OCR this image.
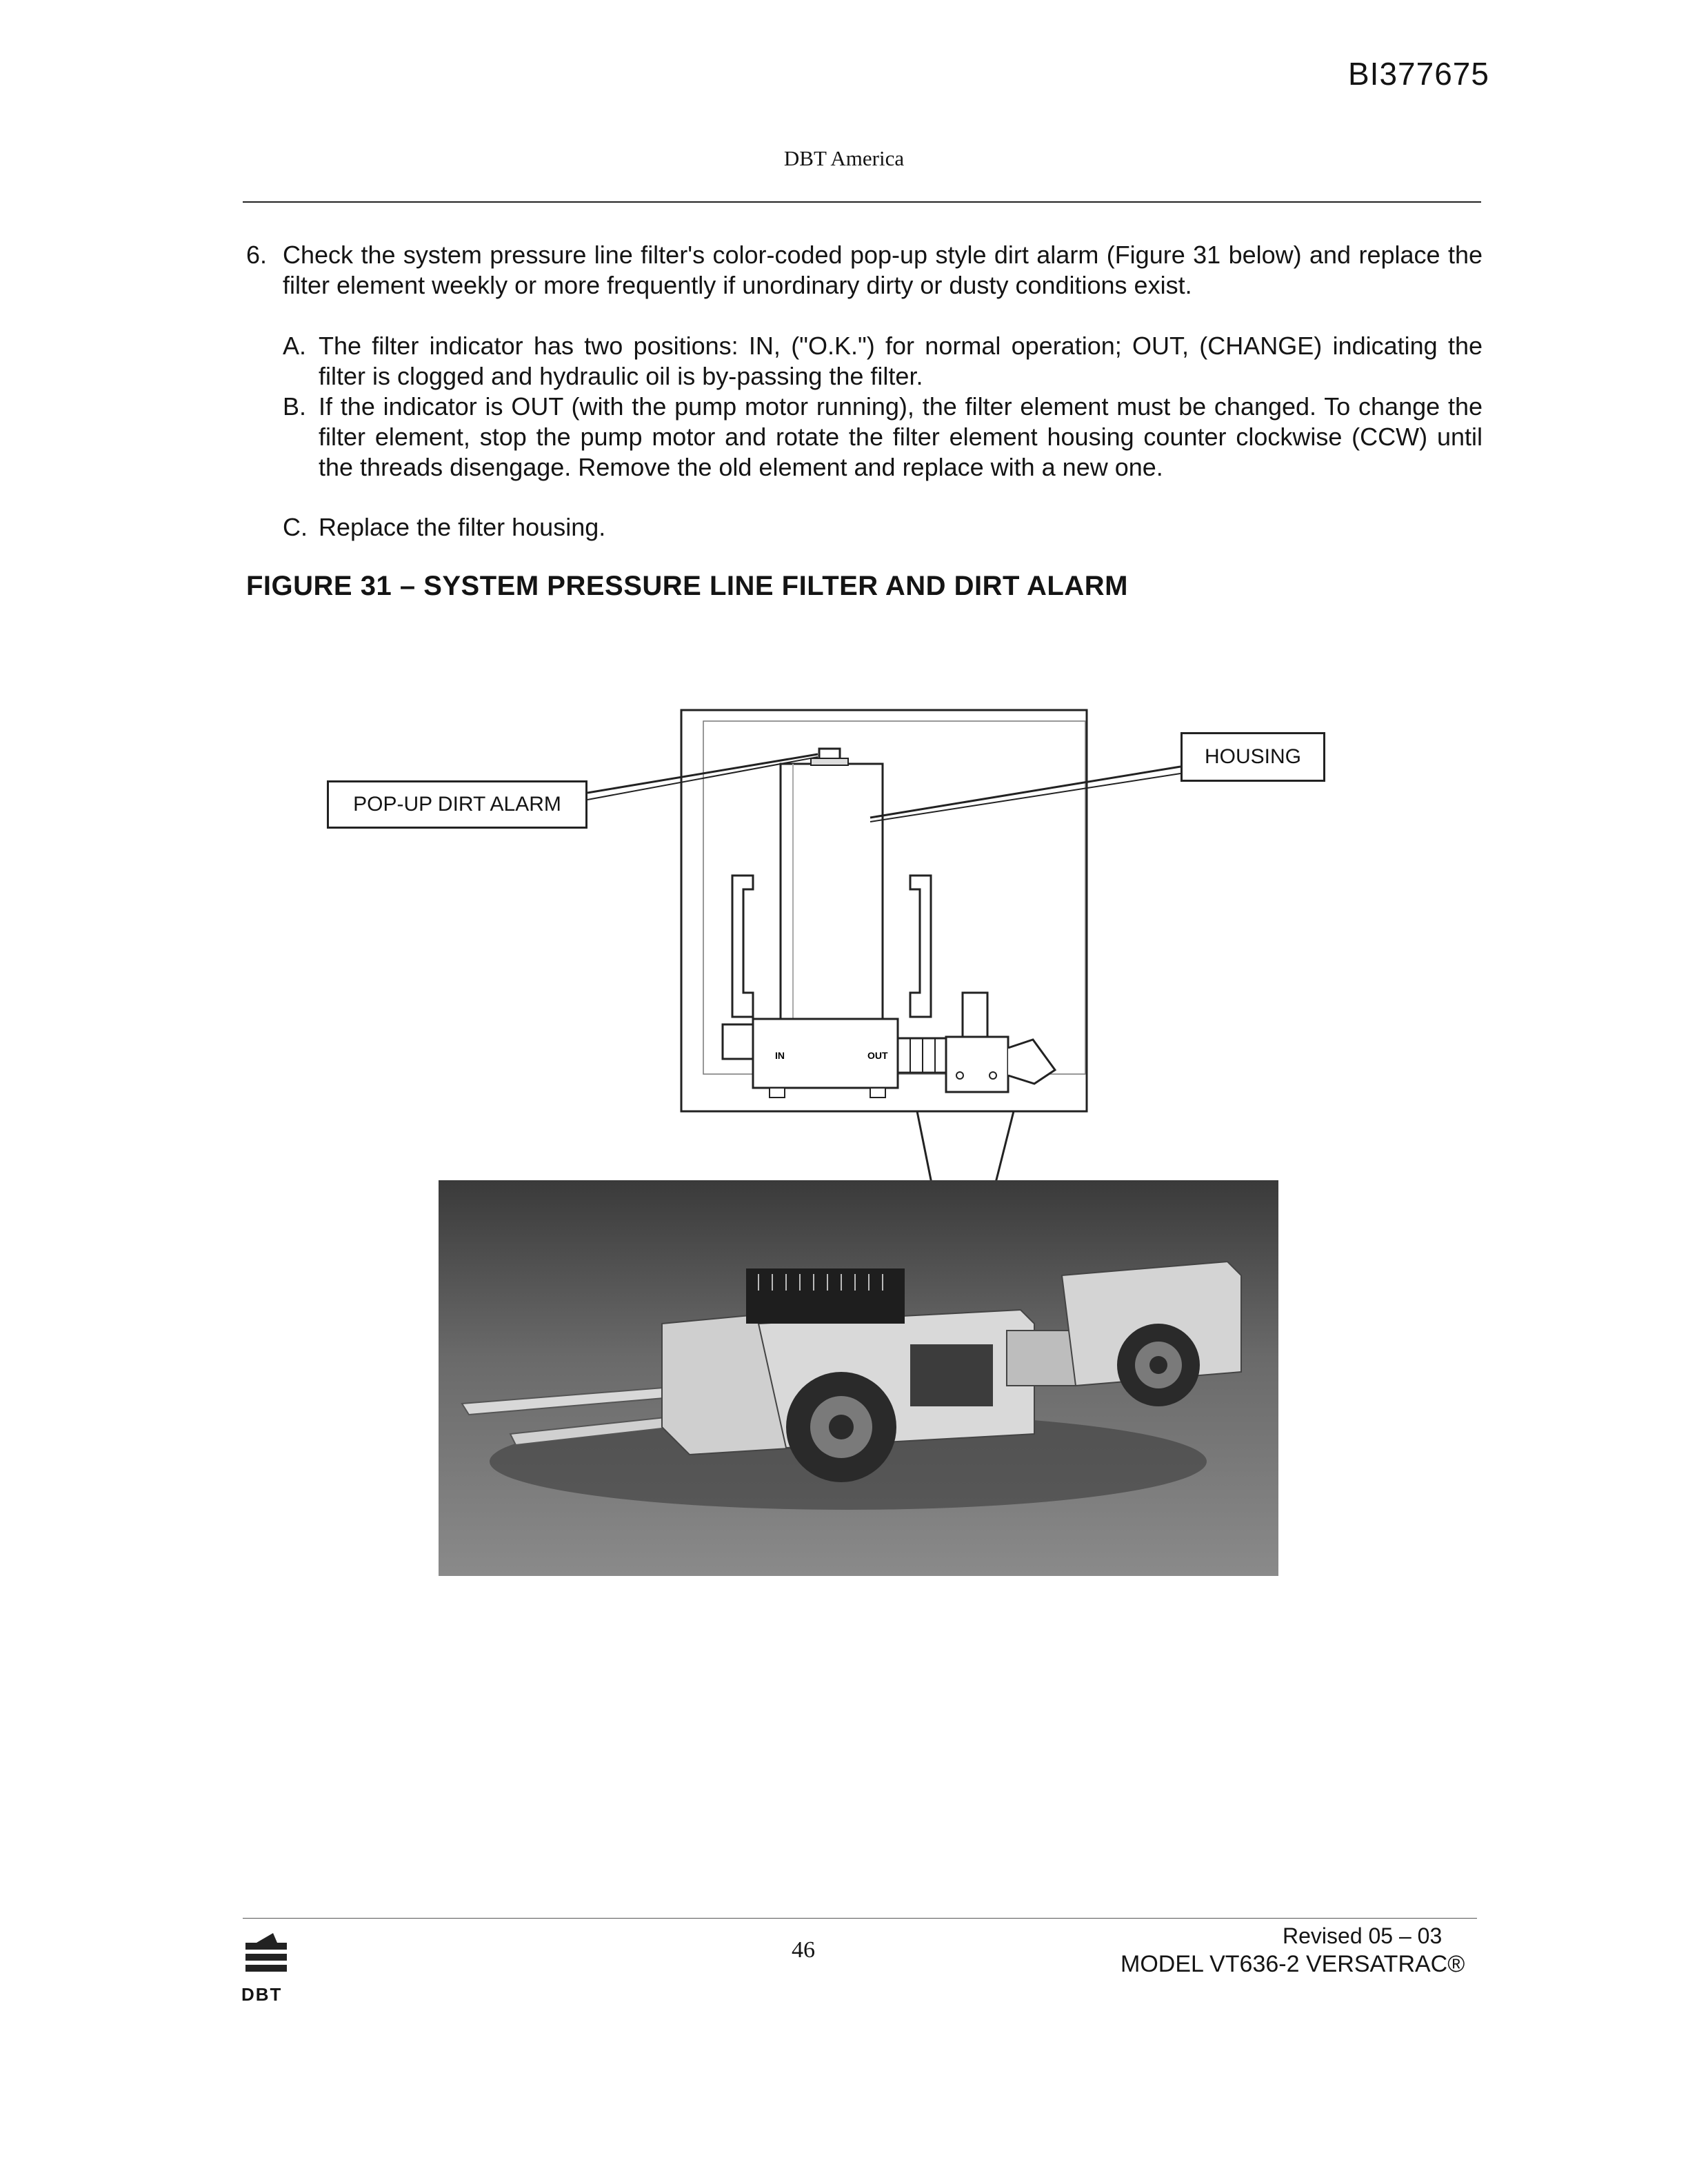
BI377675
DBT America
6. Check the system pressure line filter's color-coded pop-up style dirt alarm (Figure 31 below) and replace the filter element weekly or more frequently if unordinary dirty or dusty conditions exist.
A. The filter indicator has two positions: IN, ("O.K.") for normal operation; OUT, (CHANGE) indicating the filter is clogged and hydraulic oil is by-passing the filter.
B. If the indicator is OUT (with the pump motor running), the filter element must be changed. To change the filter element, stop the pump motor and rotate the filter element housing counter clockwise (CCW) until the threads disengage. Remove the old element and replace with a new one.
C. Replace the filter housing.
FIGURE 31 – SYSTEM PRESSURE LINE FILTER AND DIRT ALARM
IN	OUT
POP-UP DIRT ALARM
HOUSING
DBT
46
Revised 05 – 03
MODEL VT636-2 VERSATRAC®
